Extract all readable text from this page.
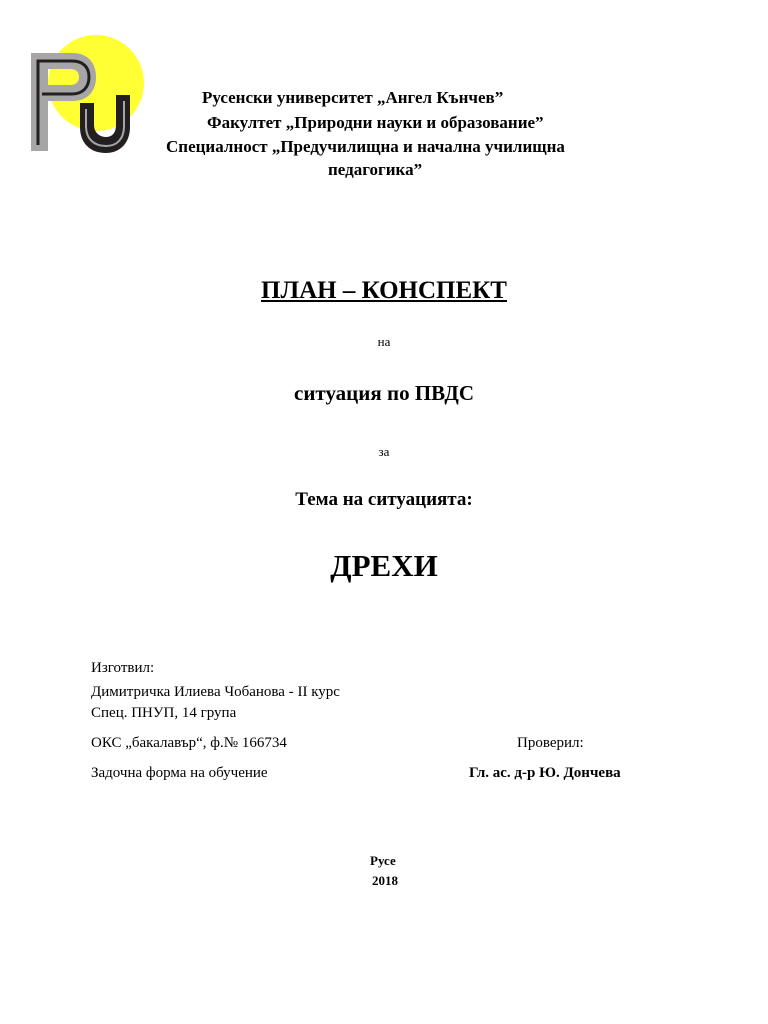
Русенски университет „Ангел Кънчев”
Факултет „Природни науки и образование”
Специалност „Предучилищна и начална училищна
педагогика”
ПЛАН – КОНСПЕКТ
на
ситуация по ПВДС
за
Тема на ситуацията:
ДРЕХИ
Изготвил:
Димитричка Илиева Чобанова - II курс
Спец. ПНУП, 14 група
ОКС „бакалавър“, ф.№ 166734
Задочна форма на обучение
Проверил:
Гл. ас. д-р Ю. Дончева
Русе
2018
